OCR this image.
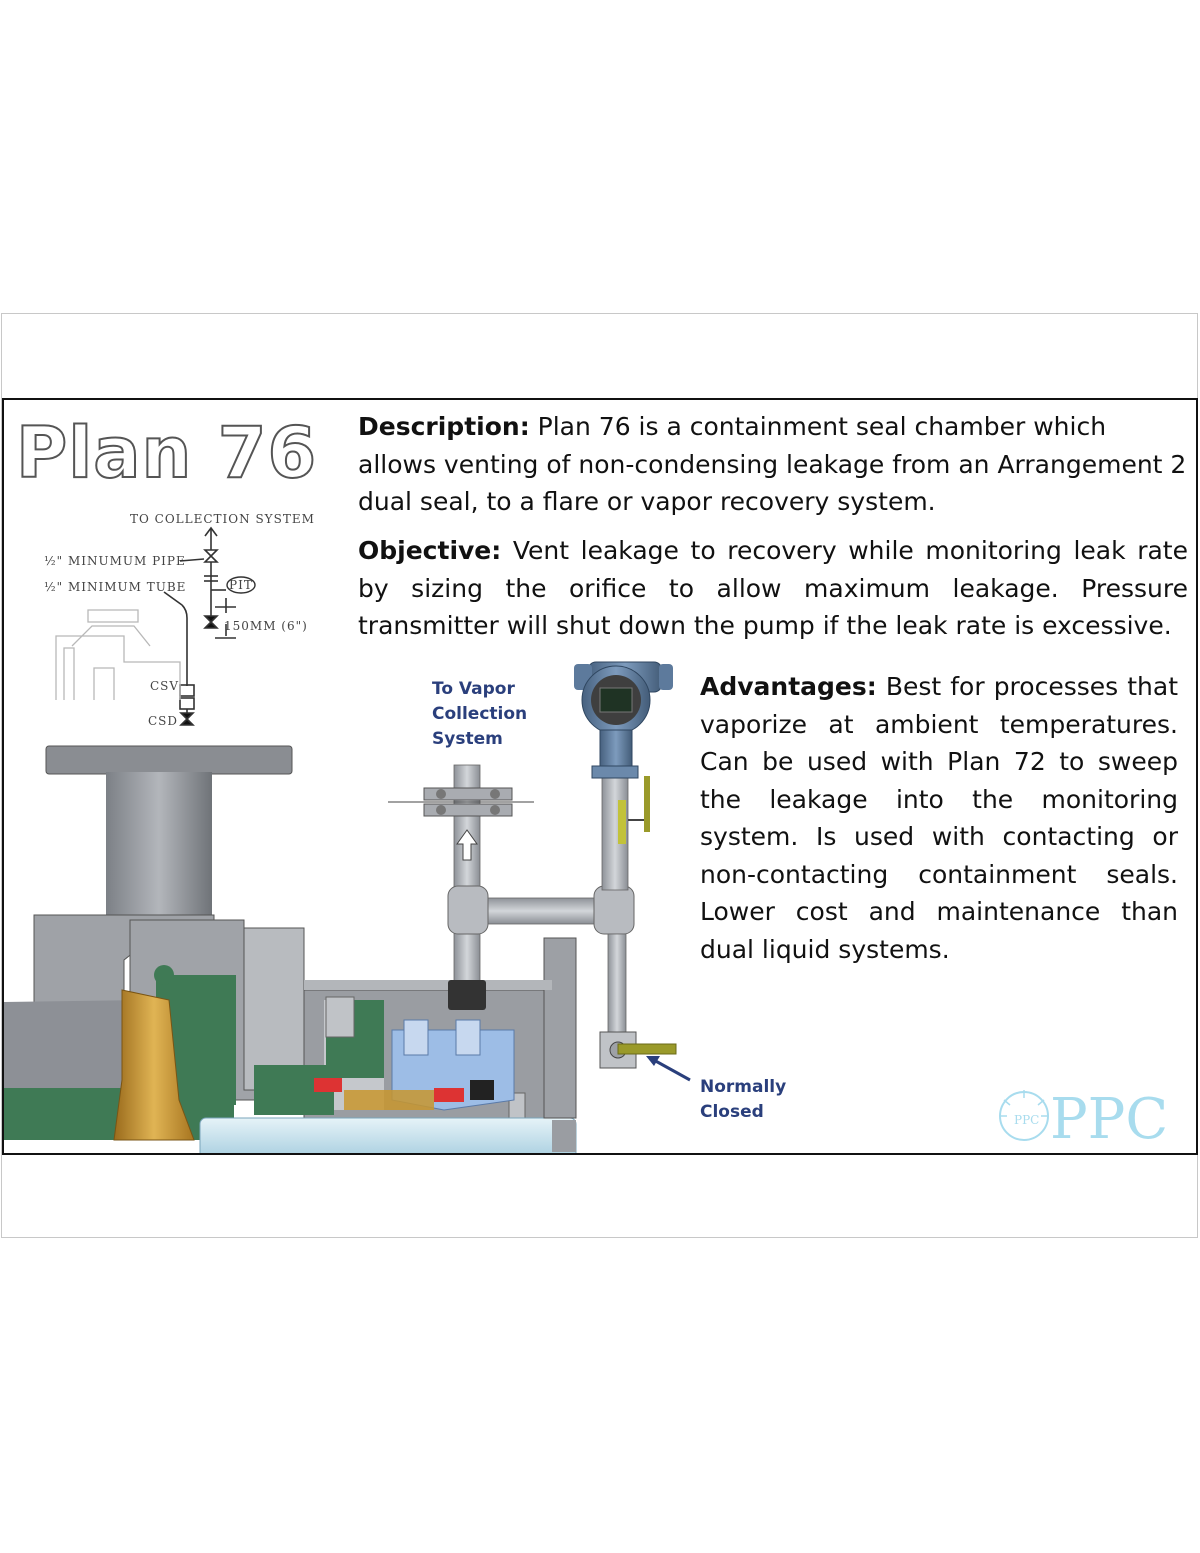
Plan 76 Description: Plan 76 is a containment seal chamber which allows venting of non-condensing leakage from an Arrangement 2 dual seal, to a flare or vapor recovery system.

Objective: Vent leakage to recovery while monitoring leak rate by sizing the orifice to allow maximum leakage. Pressure transmitter will shut down the pump if the leak rate is excessive.

Advantages: Best for processes that vaporize at ambient temperatures. Can be used with Plan 72 to sweep the leakage into the monitoring system. Is used with contacting or non-contacting containment seals. Lower cost and maintenance than dual liquid systems.

TO COLLECTION SYSTEM
½" MINUMUM PIPE
½" MINIMUM TUBE
150MM (6")
CSV
CSD
PIT
To Vapor
Collection
System
Normally
Closed	PPC PPC
